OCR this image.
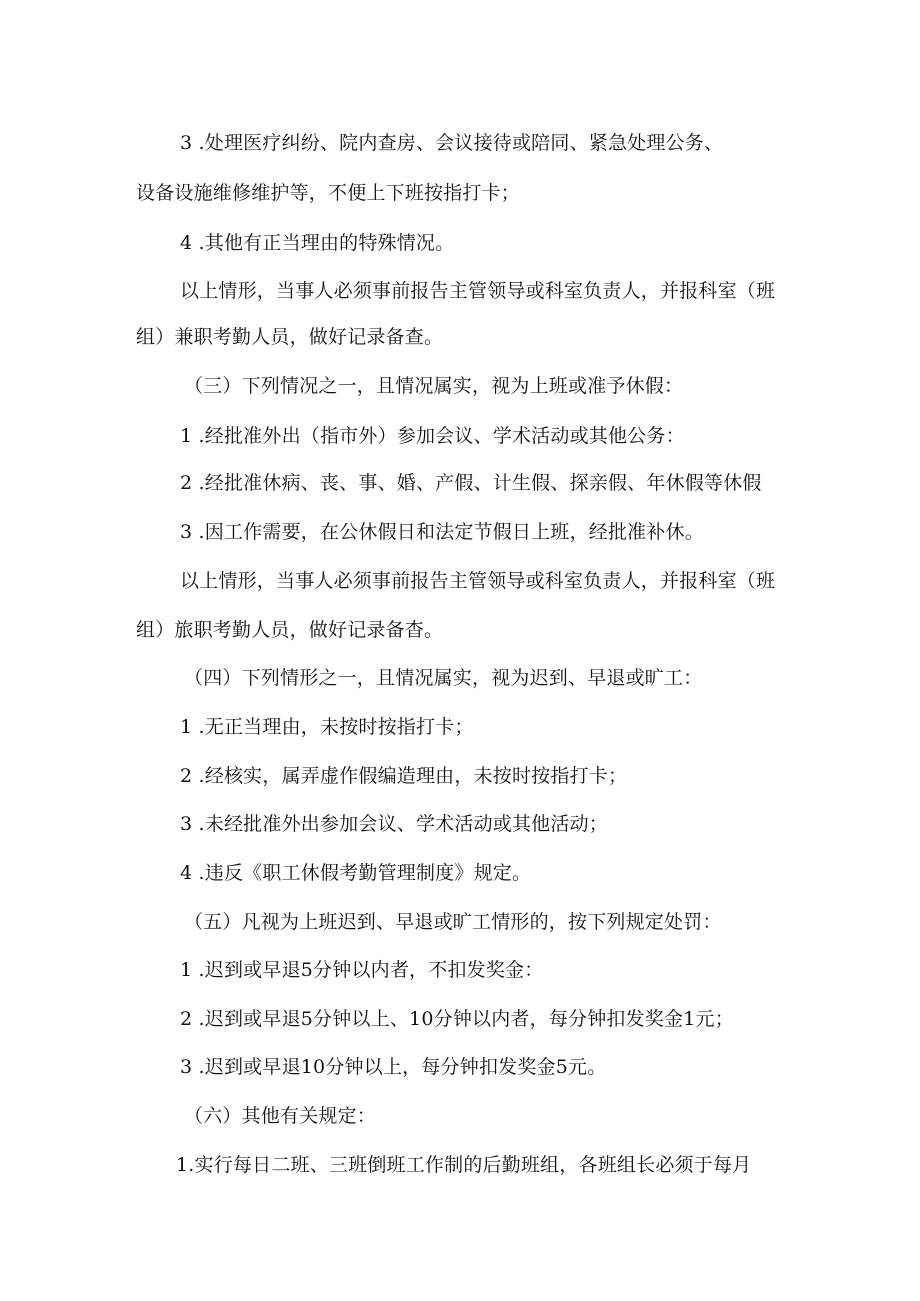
3 .处理医疗纠纷、院内查房、会议接待或陪同、紧急处理公务、
设备设施维修维护等，不便上下班按指打卡；
4 .其他有正当理由的特殊情况。
以上情形，当事人必须事前报告主管领导或科室负责人，并报科室（班
组）兼职考勤人员，做好记录备查。
（三）下列情况之一，且情况属实，视为上班或准予休假：
1 .经批准外出（指市外）参加会议、学术活动或其他公务：
2 .经批准休病、丧、事、婚、产假、计生假、探亲假、年休假等休假
3 .因工作需要，在公休假日和法定节假日上班，经批准补休。
以上情形，当事人必须事前报告主管领导或科室负责人，并报科室（班
组）旅职考勤人员，做好记录备杳。
（四）下列情形之一，且情况属实，视为迟到、早退或旷工：
1 .无正当理由，未按时按指打卡；
2 .经核实，属弄虚作假编造理由，未按时按指打卡；
3 .未经批准外出参加会议、学术活动或其他活动；
4 .违反《职工休假考勤管理制度》规定。
（五）凡视为上班迟到、早退或旷工情形的，按下列规定处罚：
1 .迟到或早退5分钟以内者，不扣发奖金：
2 .迟到或早退5分钟以上、10分钟以内者，每分钟扣发奖金1元；
3 .迟到或早退10分钟以上，每分钟扣发奖金5元。
（六）其他有关规定：
1.实行每日二班、三班倒班工作制的后勤班组，各班组长必须于每月
